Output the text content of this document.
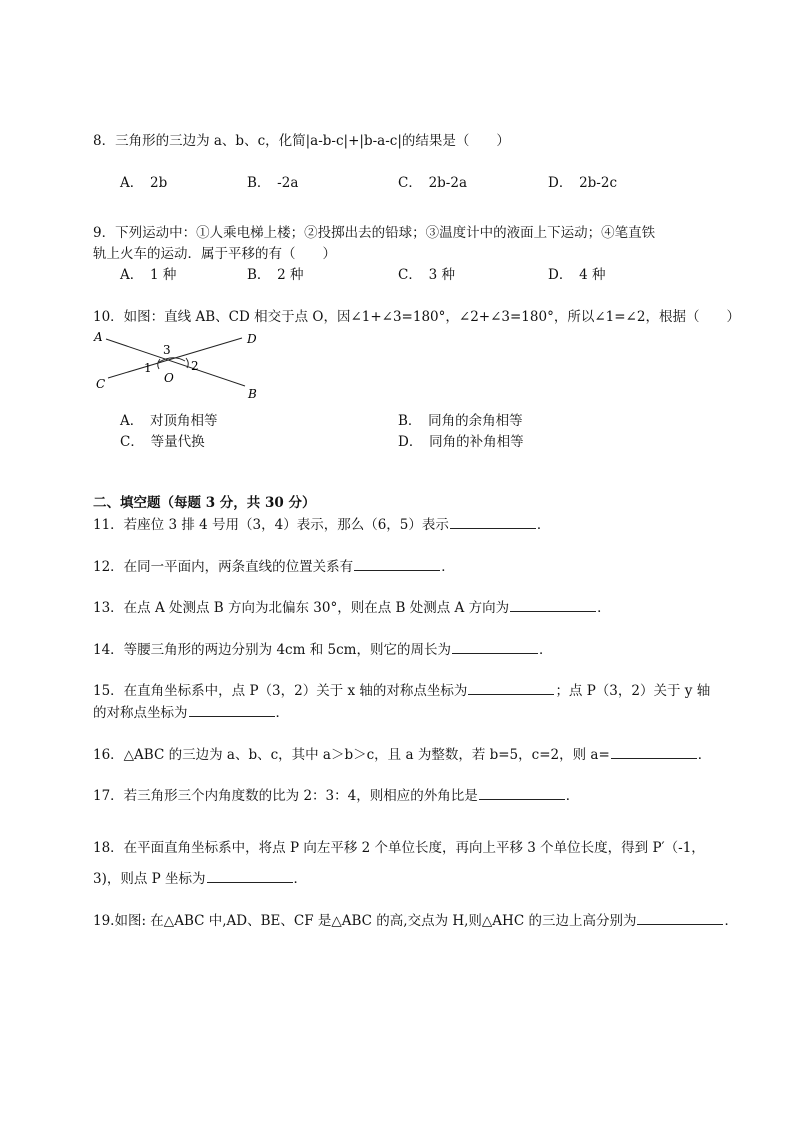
8．三角形的三边为 a、b、c，化简|a-b-c|+|b-a-c|的结果是（　　）
A．　2b	B．　-2a	C．　2b-2a	D．　2b-2c
9．下列运动中：①人乘电梯上楼；②投掷出去的铅球；③温度计中的液面上下运动；④笔直铁
轨上火车的运动．属于平移的有（　　）
A．　1 种	B．　2 种	C．　3 种	D．　4 种
10．如图：直线 AB、CD 相交于点 O，因∠1+∠3=180°，∠2+∠3=180°，所以∠1=∠2，根据（　　）
A	D
C
B
O
3
1	2
A．　对顶角相等	B．　同角的余角相等
C．　等量代换	D．　同角的补角相等
二、填空题（每题 3 分，共 30 分）
11．若座位 3 排 4 号用（3，4）表示，那么（6，5）表示	．
12．在同一平面内，两条直线的位置关系有	．
13．在点 A 处测点 B 方向为北偏东 30°，则在点 B 处测点 A 方向为	．
14．等腰三角形的两边分别为 4cm 和 5cm，则它的周长为	．
15．在直角坐标系中，点 P（3，2）关于 x 轴的对称点坐标为	；点 P（3，2）关于 y 轴
的对称点坐标为	．
16．△ABC 的三边为 a、b、c，其中 a＞b＞c，且 a 为整数，若 b=5，c=2，则 a=	．
17．若三角形三个内角度数的比为 2：3：4，则相应的外角比是	．
18．在平面直角坐标系中，将点 P 向左平移 2 个单位长度，再向上平移 3 个单位长度，得到 P′（-1，
3)，则点 P 坐标为	．
19.如图: 在△ABC 中,AD、BE、CF 是△ABC 的高,交点为 H,则△AHC 的三边上高分别为	．
